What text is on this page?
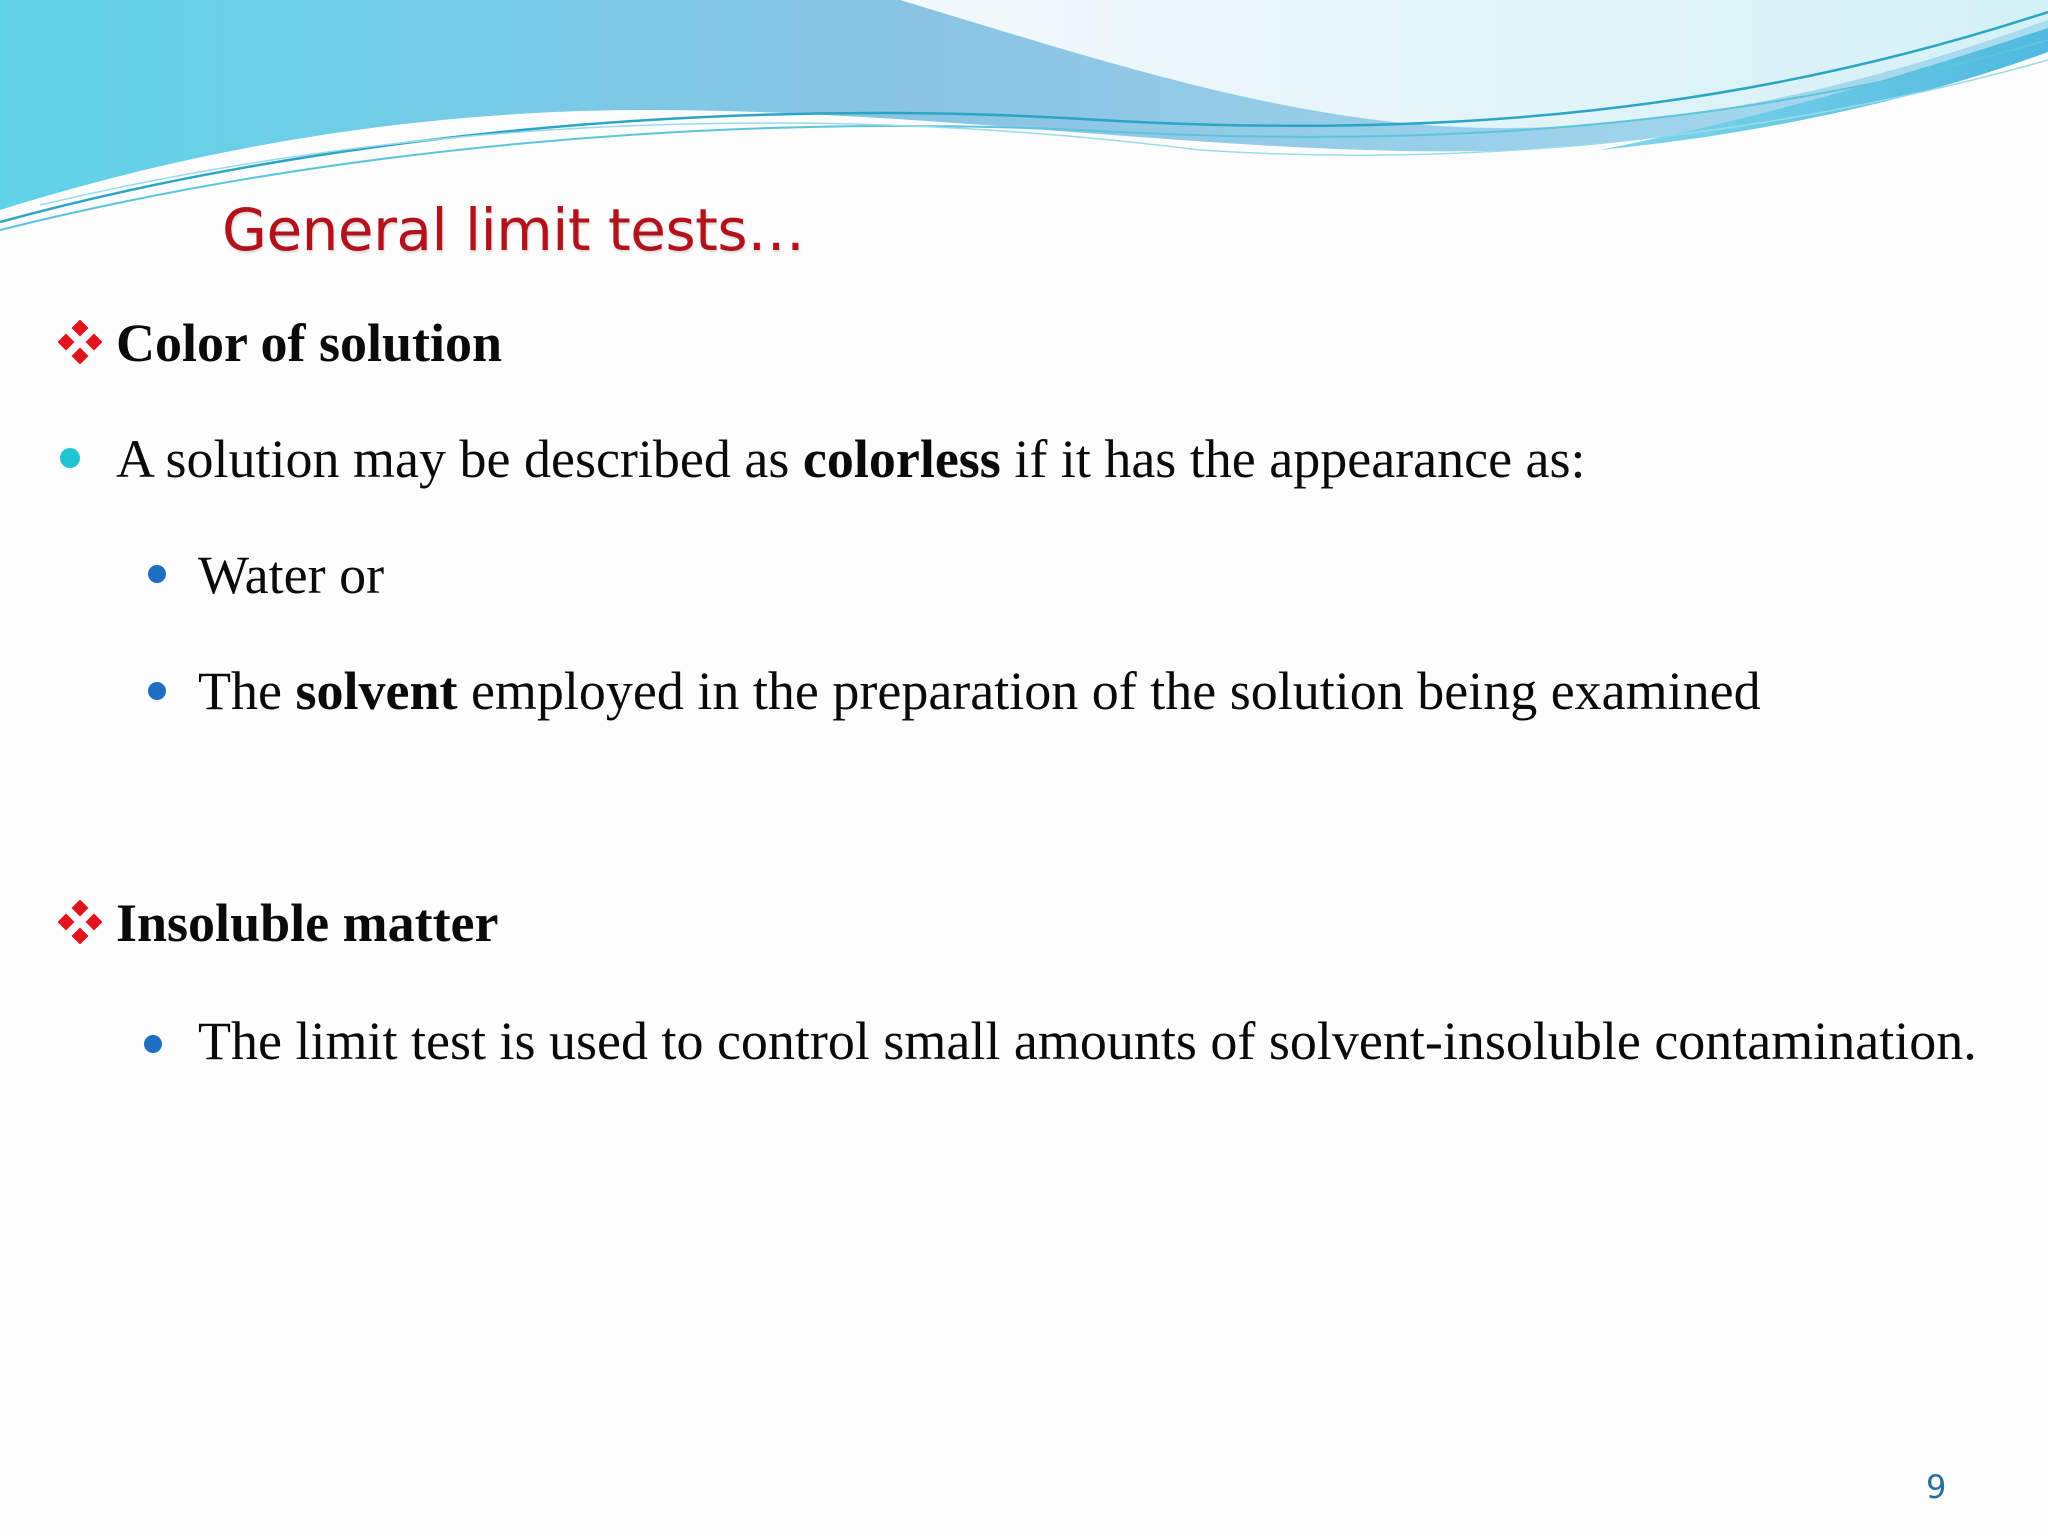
General limit tests…
Color of solution
A solution may be described as colorless if it has the appearance as:
Water or
The solvent employed in the preparation of the solution being examined
Insoluble matter
The limit test is used to control small amounts of solvent-insoluble contamination.
9
